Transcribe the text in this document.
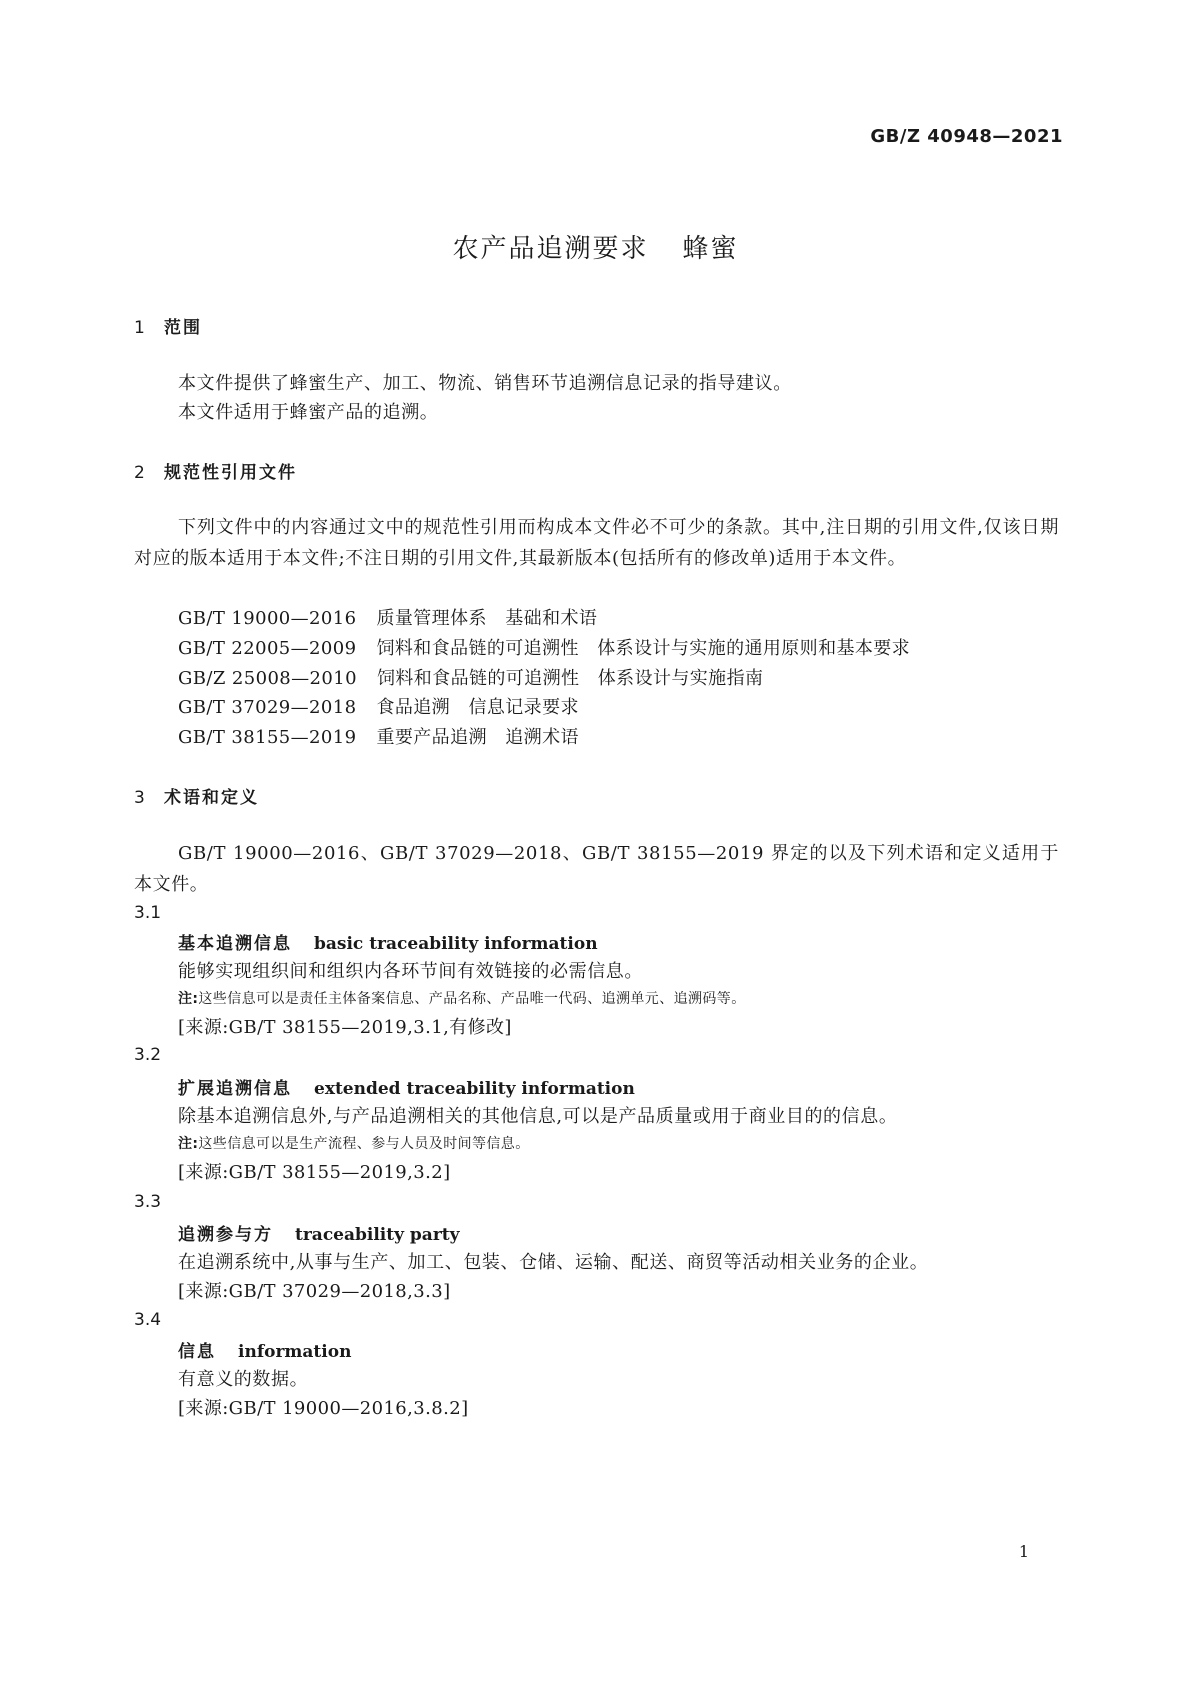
GB/Z 40948—2021
农产品追溯要求 蜂蜜
1 范围
本文件提供了蜂蜜生产、加工、物流、销售环节追溯信息记录的指导建议。
本文件适用于蜂蜜产品的追溯。
2 规范性引用文件
下列文件中的内容通过文中的规范性引用而构成本文件必不可少的条款。其中,注日期的引用文件,仅该日期对应的版本适用于本文件;不注日期的引用文件,其最新版本(包括所有的修改单)适用于本文件。
GB/T 19000—2016 质量管理体系　基础和术语
GB/T 22005—2009 饲料和食品链的可追溯性　体系设计与实施的通用原则和基本要求
GB/Z 25008—2010 饲料和食品链的可追溯性　体系设计与实施指南
GB/T 37029—2018 食品追溯　信息记录要求
GB/T 38155—2019 重要产品追溯　追溯术语
3 术语和定义
GB/T 19000—2016、GB/T 37029—2018、GB/T 38155—2019 界定的以及下列术语和定义适用于本文件。
3.1
基本追溯信息 basic traceability information
能够实现组织间和组织内各环节间有效链接的必需信息。
注:这些信息可以是责任主体备案信息、产品名称、产品唯一代码、追溯单元、追溯码等。
[来源:GB/T 38155—2019,3.1,有修改]
3.2
扩展追溯信息 extended traceability information
除基本追溯信息外,与产品追溯相关的其他信息,可以是产品质量或用于商业目的的信息。
注:这些信息可以是生产流程、参与人员及时间等信息。
[来源:GB/T 38155—2019,3.2]
3.3
追溯参与方 traceability party
在追溯系统中,从事与生产、加工、包装、仓储、运输、配送、商贸等活动相关业务的企业。
[来源:GB/T 37029—2018,3.3]
3.4
信息 information
有意义的数据。
[来源:GB/T 19000—2016,3.8.2]
1
